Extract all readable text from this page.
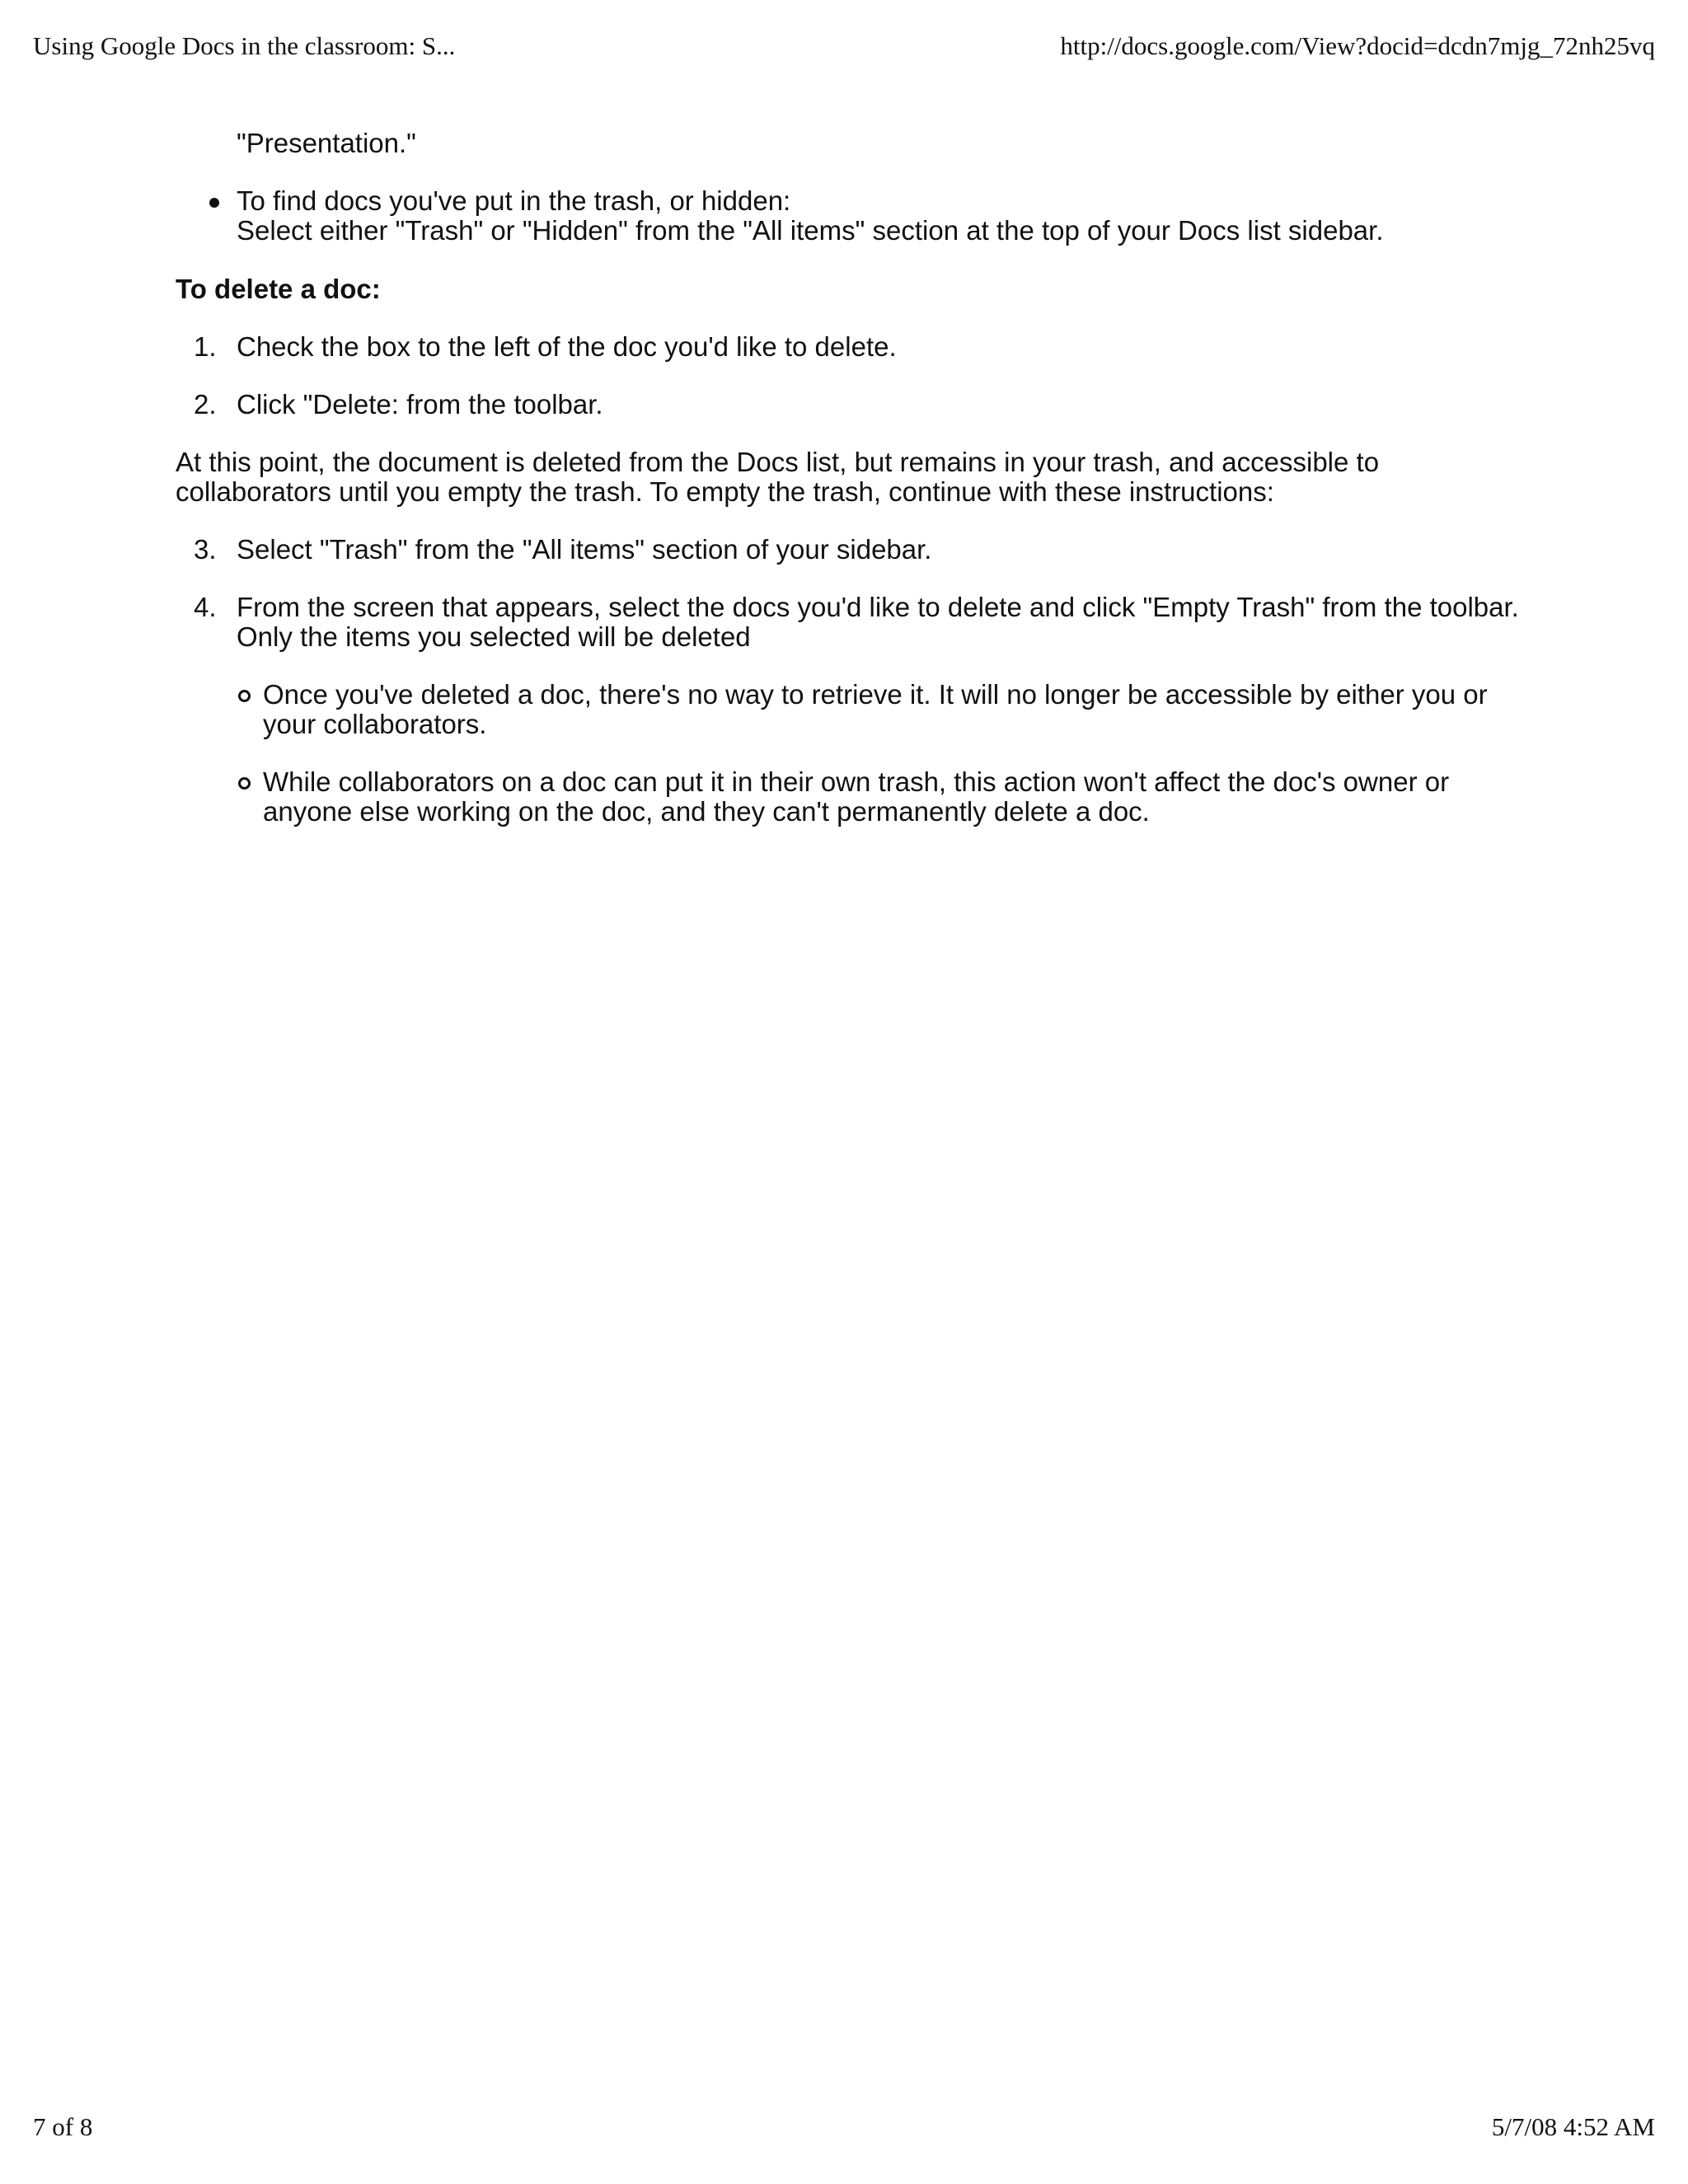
Using Google Docs in the classroom: S...	http://docs.google.com/View?docid=dcdn7mjg_72nh25vq

"Presentation."

To find docs you've put in the trash, or hidden:
Select either "Trash" or "Hidden" from the "All items" section at the top of your Docs list sidebar.

To delete a doc:

1. Check the box to the left of the doc you'd like to delete.
2. Click "Delete: from the toolbar.

At this point, the document is deleted from the Docs list, but remains in your trash, and accessible to collaborators until you empty the trash. To empty the trash, continue with these instructions:

3. Select "Trash" from the "All items" section of your sidebar.
4. From the screen that appears, select the docs you'd like to delete and click "Empty Trash" from the toolbar. Only the items you selected will be deleted
Once you've deleted a doc, there's no way to retrieve it. It will no longer be accessible by either you or your collaborators.
While collaborators on a doc can put it in their own trash, this action won't affect the doc's owner or anyone else working on the doc, and they can't permanently delete a doc.
7 of 8	5/7/08 4:52 AM
